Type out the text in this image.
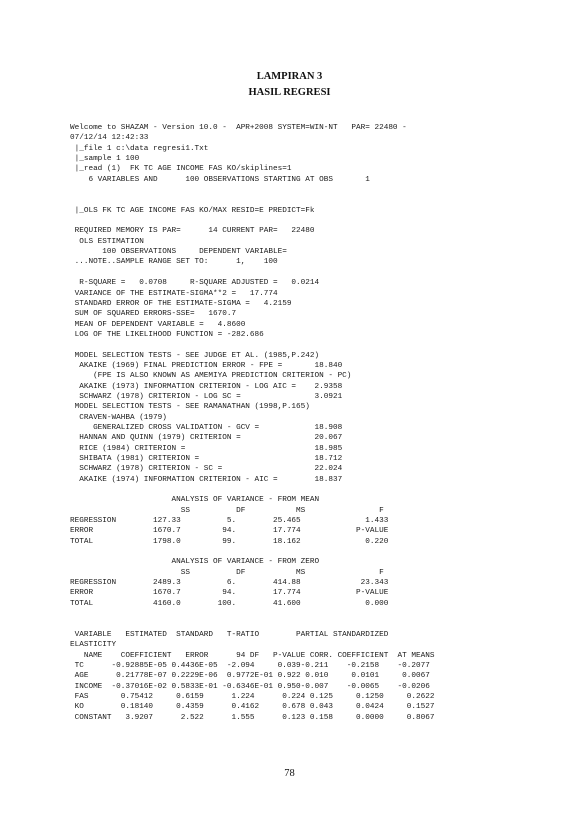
LAMPIRAN 3
HASIL REGRESI
Welcome to SHAZAM - Version 10.0 -  APR+2008 SYSTEM=WIN-NT   PAR= 22480 -
07/12/14 12:42:33
|_file 1 c:\data regresi1.Txt
|_sample 1 100
|_read (1)  FK TC AGE INCOME FAS KO/skiplines=1
6 VARIABLES AND      100 OBSERVATIONS STARTING AT OBS       1
|_OLS FK TC AGE INCOME FAS KO/MAX RESID=E PREDICT=Fk
REQUIRED MEMORY IS PAR=      14 CURRENT PAR=   22480
OLS ESTIMATION
100 OBSERVATIONS     DEPENDENT VARIABLE=
...NOTE..SAMPLE RANGE SET TO:      1,    100
R-SQUARE =   0.0708     R-SQUARE ADJUSTED =   0.0214
VARIANCE OF THE ESTIMATE-SIGMA**2 =   17.774
STANDARD ERROR OF THE ESTIMATE-SIGMA =   4.2159
SUM OF SQUARED ERRORS-SSE=   1670.7
MEAN OF DEPENDENT VARIABLE =   4.8600
LOG OF THE LIKELIHOOD FUNCTION = -282.686
MODEL SELECTION TESTS - SEE JUDGE ET AL. (1985,P.242)
AKAIKE (1969) FINAL PREDICTION ERROR - FPE =       18.840
(FPE IS ALSO KNOWN AS AMEMIYA PREDICTION CRITERION - PC)
AKAIKE (1973) INFORMATION CRITERION - LOG AIC =    2.9358
SCHWARZ (1978) CRITERION - LOG SC =                3.0921
MODEL SELECTION TESTS - SEE RAMANATHAN (1998,P.165)
CRAVEN-WAHBA (1979)
GENERALIZED CROSS VALIDATION - GCV =            18.908
HANNAN AND QUINN (1979) CRITERION =                20.067
RICE (1984) CRITERION =                            18.985
SHIBATA (1981) CRITERION =                         18.712
SCHWARZ (1978) CRITERION - SC =                    22.024
AKAIKE (1974) INFORMATION CRITERION - AIC =        18.837
ANALYSIS OF VARIANCE - FROM MEAN
SS          DF           MS                F
REGRESSION        127.33          5.        25.465              1.433
ERROR             1670.7         94.        17.774            P-VALUE
TOTAL             1798.0         99.        18.162              0.220
ANALYSIS OF VARIANCE - FROM ZERO
SS          DF           MS                F
REGRESSION        2489.3          6.        414.88             23.343
ERROR             1670.7         94.        17.774            P-VALUE
TOTAL             4160.0        100.        41.600              0.000
VARIABLE   ESTIMATED  STANDARD   T-RATIO        PARTIAL STANDARDIZED
ELASTICITY
NAME    COEFFICIENT   ERROR      94 DF   P-VALUE CORR. COEFFICIENT  AT MEANS
TC      -0.92885E-05 0.4436E-05  -2.094     0.039-0.211    -0.2158    -0.2077
AGE      0.21778E-07 0.2229E-06  0.9772E-01 0.922 0.010     0.0101     0.0067
INCOME  -0.37016E-02 0.5833E-01 -0.6346E-01 0.950-0.007    -0.0065    -0.0206
FAS       0.75412     0.6159      1.224      0.224 0.125     0.1250     0.2622
KO        0.18140     0.4359      0.4162     0.678 0.043     0.0424     0.1527
CONSTANT   3.9207      2.522      1.555      0.123 0.158     0.0000     0.8067
78
